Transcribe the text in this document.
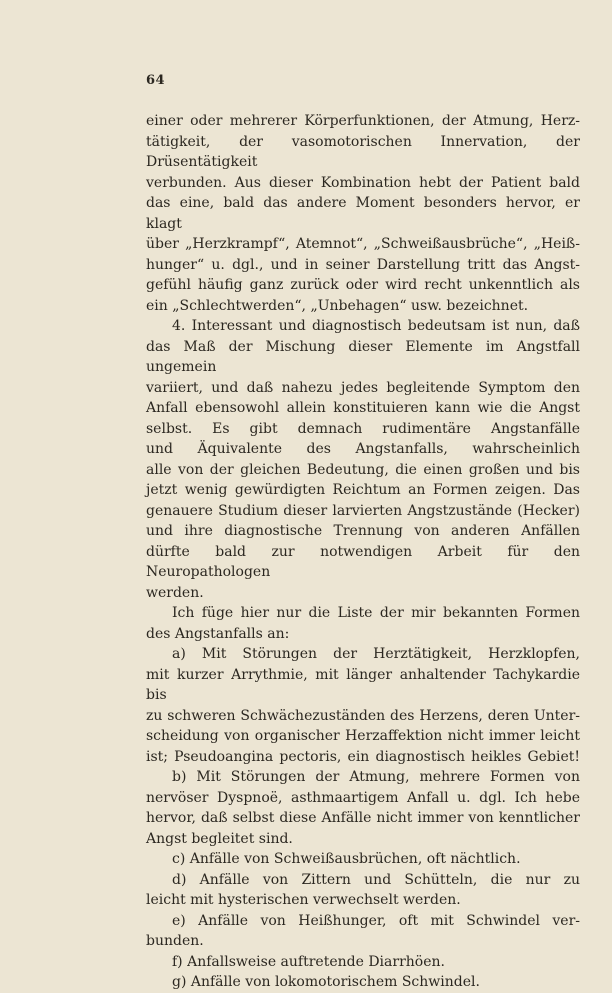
64
einer oder mehrerer Körperfunktionen, der Atmung, Herz-
tätigkeit, der vasomotorischen Innervation, der Drüsentätigkeit
verbunden. Aus dieser Kombination hebt der Patient bald
das eine, bald das andere Moment besonders hervor, er klagt
über „Herzkrampf“, Atemnot“, „Schweißausbrüche“, „Heiß-
hunger“ u. dgl., und in seiner Darstellung tritt das Angst-
gefühl häufig ganz zurück oder wird recht unkenntlich als
ein „Schlechtwerden“, „Unbehagen“ usw. bezeichnet.
4. Interessant und diagnostisch bedeutsam ist nun, daß
das Maß der Mischung dieser Elemente im Angstfall ungemein
variiert, und daß nahezu jedes begleitende Symptom den
Anfall ebensowohl allein konstituieren kann wie die Angst
selbst. Es gibt demnach rudimentäre Angstanfälle
und Äquivalente des Angstanfalls, wahrscheinlich
alle von der gleichen Bedeutung, die einen großen und bis
jetzt wenig gewürdigten Reichtum an Formen zeigen. Das
genauere Studium dieser larvierten Angstzustände (Hecker)
und ihre diagnostische Trennung von anderen Anfällen
dürfte bald zur notwendigen Arbeit für den Neuropathologen
werden.
Ich füge hier nur die Liste der mir bekannten Formen
des Angstanfalls an:
a) Mit Störungen der Herztätigkeit, Herzklopfen,
mit kurzer Arrythmie, mit länger anhaltender Tachykardie bis
zu schweren Schwächezuständen des Herzens, deren Unter-
scheidung von organischer Herzaffektion nicht immer leicht
ist; Pseudoangina pectoris, ein diagnostisch heikles Gebiet!
b) Mit Störungen der Atmung, mehrere Formen von
nervöser Dyspnoë, asthmaartigem Anfall u. dgl. Ich hebe
hervor, daß selbst diese Anfälle nicht immer von kenntlicher
Angst begleitet sind.
c) Anfälle von Schweißausbrüchen, oft nächtlich.
d) Anfälle von Zittern und Schütteln, die nur zu
leicht mit hysterischen verwechselt werden.
e) Anfälle von Heißhunger, oft mit Schwindel ver-
bunden.
f) Anfallsweise auftretende Diarrhöen.
g) Anfälle von lokomotorischem Schwindel.
